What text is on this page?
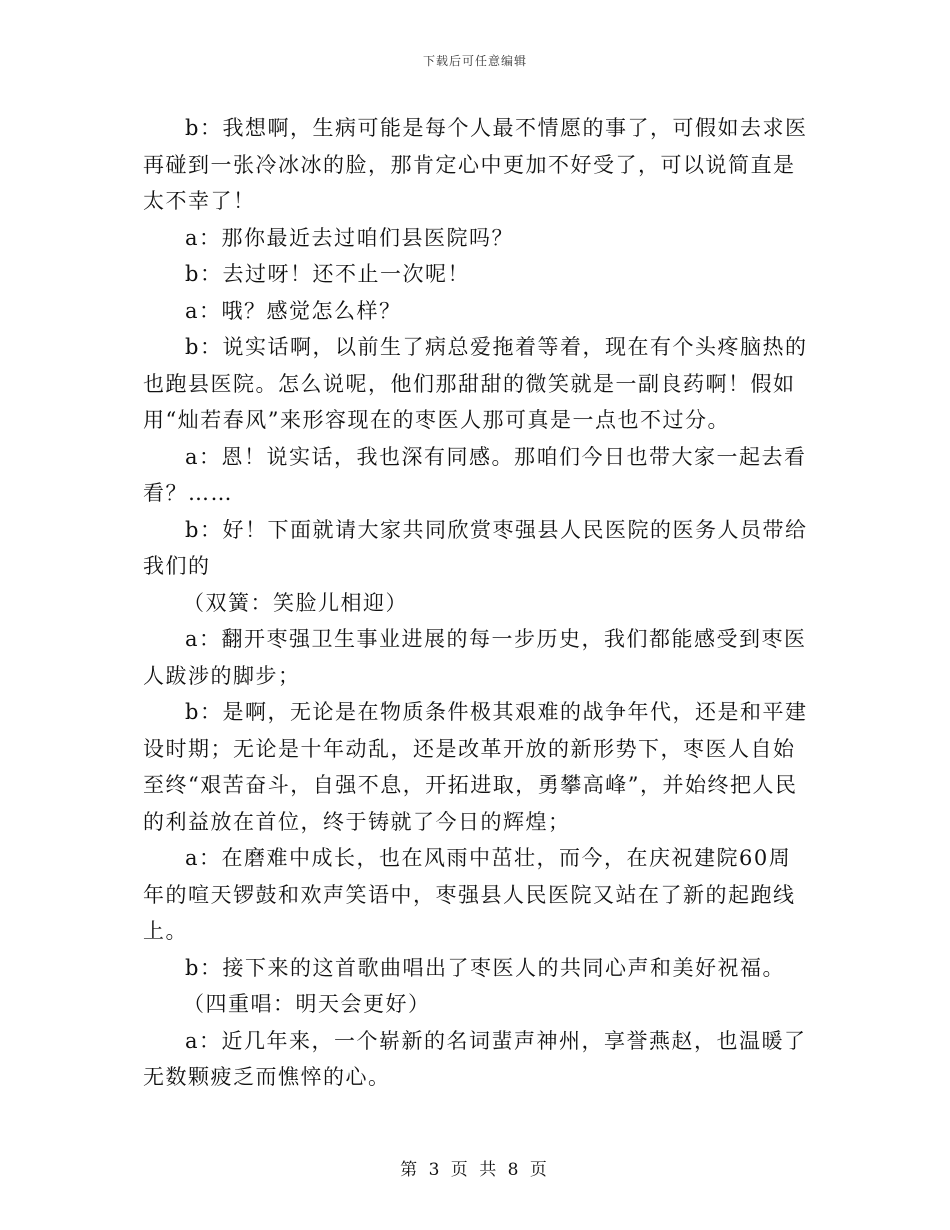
下载后可任意编辑

b：我想啊，生病可能是每个人最不情愿的事了，可假如去求医再碰到一张冷冰冰的脸，那肯定心中更加不好受了，可以说简直是太不幸了！

a：那你最近去过咱们县医院吗？

b：去过呀！还不止一次呢！

a：哦？感觉怎么样？

b：说实话啊，以前生了病总爱拖着等着，现在有个头疼脑热的也跑县医院。怎么说呢，他们那甜甜的微笑就是一副良药啊！假如用“灿若春风”来形容现在的枣医人那可真是一点也不过分。

a：恩！说实话，我也深有同感。那咱们今日也带大家一起去看看？……

b：好！下面就请大家共同欣赏枣强县人民医院的医务人员带给我们的

（双簧：笑脸儿相迎）

a：翻开枣强卫生事业进展的每一步历史，我们都能感受到枣医人跋涉的脚步；

b：是啊，无论是在物质条件极其艰难的战争年代，还是和平建设时期；无论是十年动乱，还是改革开放的新形势下，枣医人自始至终“艰苦奋斗，自强不息，开拓进取，勇攀高峰”，并始终把人民的利益放在首位，终于铸就了今日的辉煌；

a：在磨难中成长，也在风雨中茁壮，而今，在庆祝建院60周年的喧天锣鼓和欢声笑语中，枣强县人民医院又站在了新的起跑线上。

b：接下来的这首歌曲唱出了枣医人的共同心声和美好祝福。

（四重唱：明天会更好）

a：近几年来，一个崭新的名词蜚声神州，享誉燕赵，也温暖了无数颗疲乏而憔悴的心。

第 3 页 共 8 页
